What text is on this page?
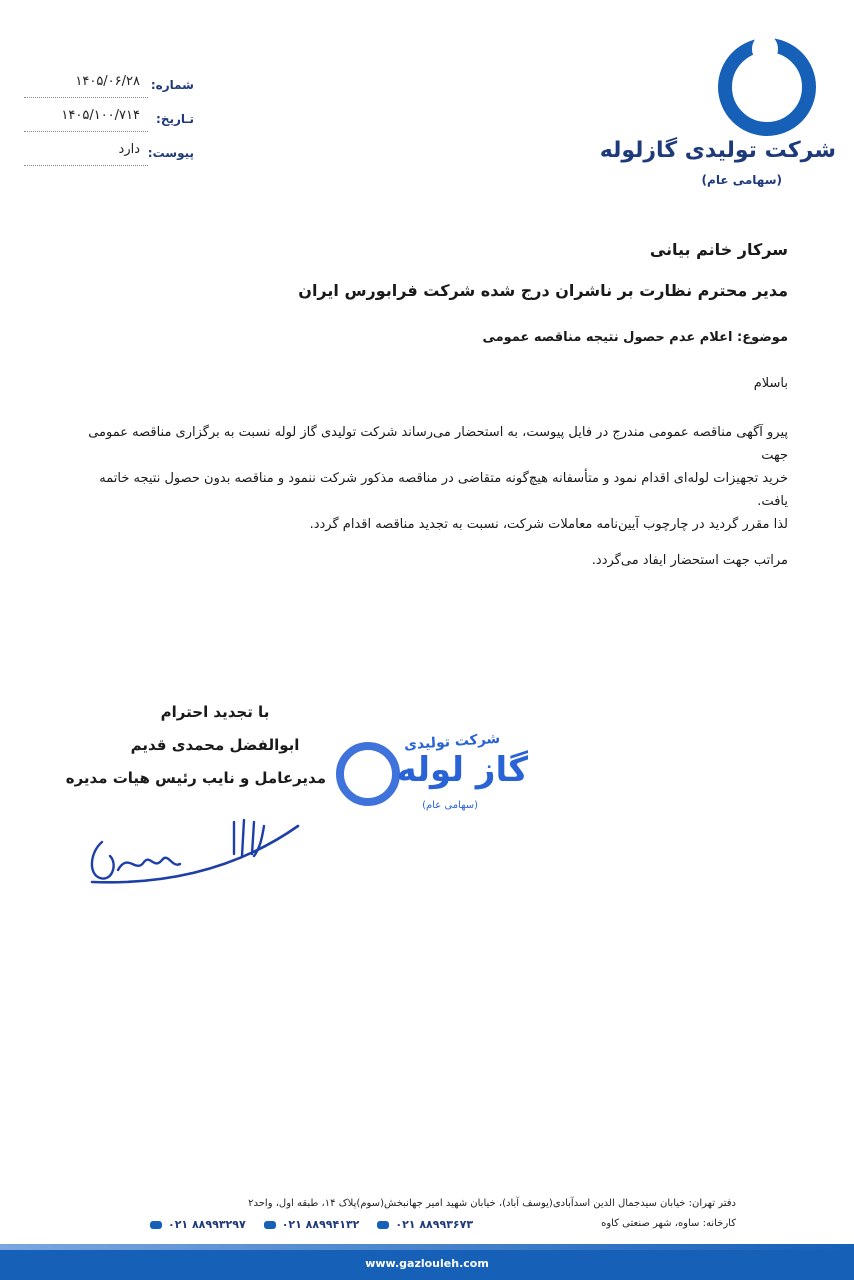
شماره:
۱۴۰۵/۰۶/۲۸
تـاریخ:
۱۴۰۵/۱۰۰/۷۱۴
پیوست:
دارد	شرکت تولیدی گازلوله
(سهامی عام)
سرکار خانم بیانی
مدیر محترم نظارت بر ناشران درج شده شرکت فرابورس ایران
موضوع: اعلام عدم حصول نتیجه مناقصه عمومی
باسلام

پیرو آگهی مناقصه عمومی مندرج در فایل پیوست، به استحضار می‌رساند شرکت تولیدی گاز لوله نسبت به برگزاری مناقصه عمومی جهت

خرید تجهیزات لوله‌ای اقدام نمود و متأسفانه هیچ‌گونه متقاضی در مناقصه مذکور شرکت ننمود و مناقصه بدون حصول نتیجه خاتمه یافت.

لذا مقرر گردید در چارچوب آیین‌نامه معاملات شرکت، نسبت به تجدید مناقصه اقدام گردد.

مراتب جهت استحضار ایفاد می‌گردد.
با تجدید احترام
ابوالفضل محمدی قدیم
مدیرعامل و نایب رئیس هیات مدیره
شرکت تولیدی
گاز لوله
(سهامی عام)
دفتر تهران: خیابان سیدجمال الدین اسدآبادی(یوسف آباد)، خیابان شهید امیر جهانبخش(سوم)پلاک ۱۴، طبقه اول، واحد۲
کارخانه: ساوه، شهر صنعتی کاوه
۰۲۱ ۸۸۹۹۳۲۹۷	۰۲۱ ۸۸۹۹۴۱۳۲	۰۲۱ ۸۸۹۹۳۶۷۳
www.gazlouleh.com
